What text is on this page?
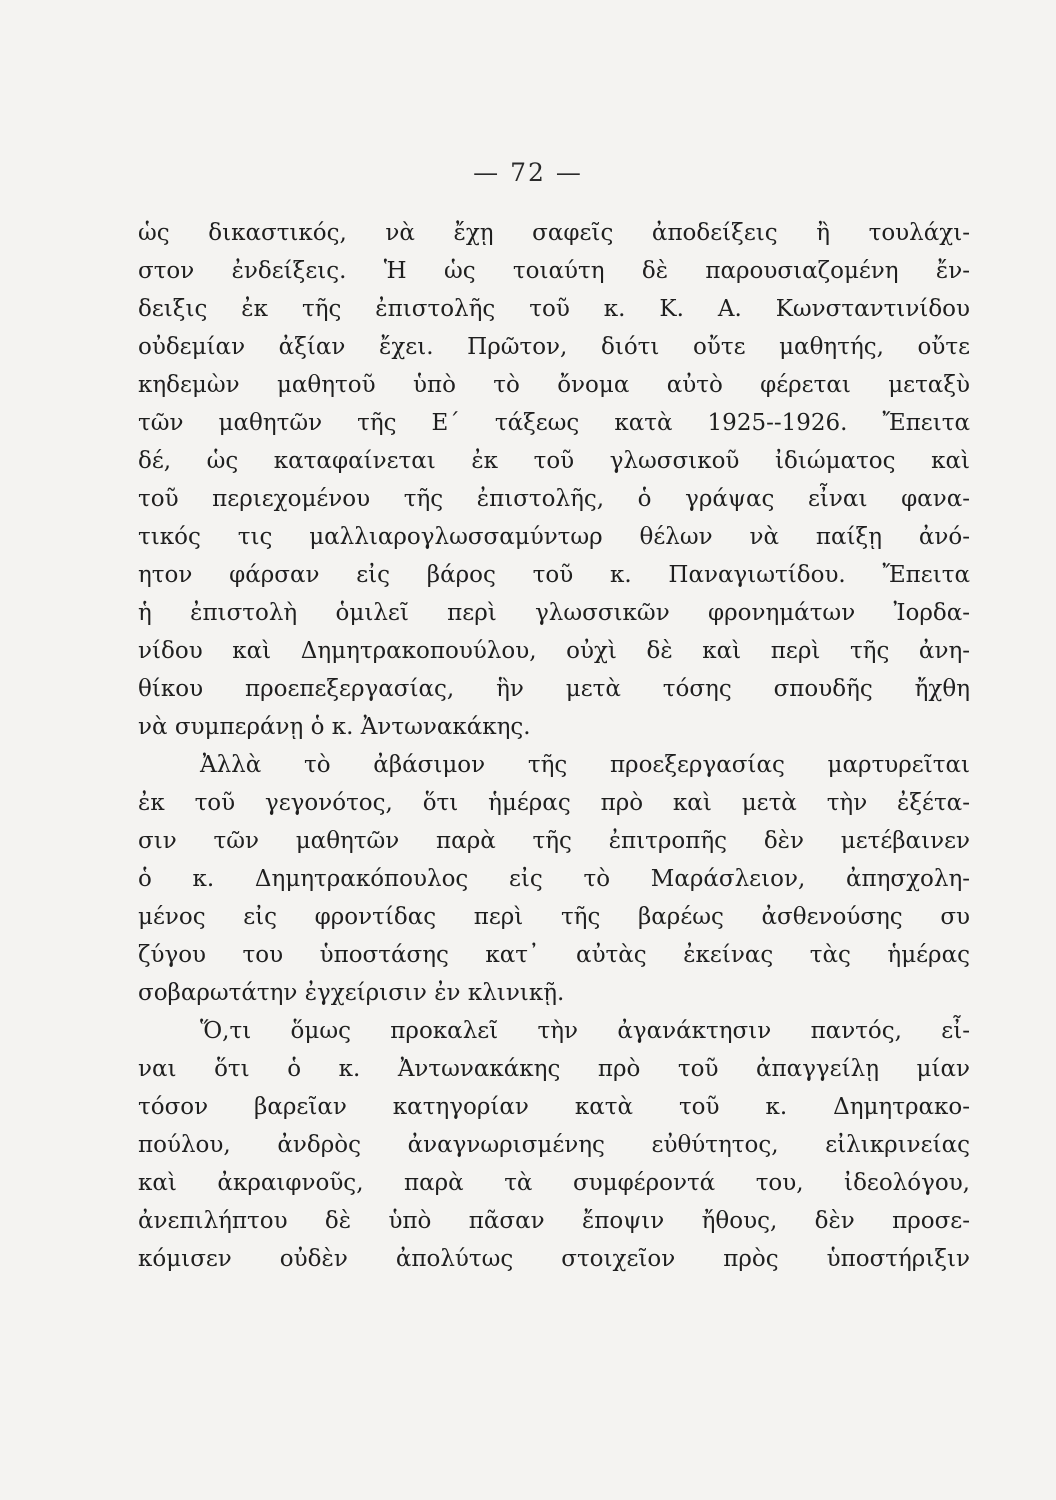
— 72 —
ὡς δικαστικός, νὰ ἔχῃ σαφεῖς ἀποδείξεις ἢ τουλάχι-
στον ἐνδείξεις. Ἡ ὡς τοιαύτη δὲ παρουσιαζομένη ἔν-
δειξις ἐκ τῆς ἐπιστολῆς τοῦ κ. Κ. Α. Κωνσταντινίδου
οὐδεμίαν ἀξίαν ἔχει. Πρῶτον, διότι οὔτε μαθητής, οὔτε
κηδεμὼν μαθητοῦ ὑπὸ τὸ ὄνομα αὐτὸ φέρεται μεταξὺ
τῶν μαθητῶν τῆς Ε΄ τάξεως κατὰ 1925--1926. Ἔπειτα
δέ, ὡς καταφαίνεται ἐκ τοῦ γλωσσικοῦ ἰδιώματος καὶ
τοῦ περιεχομένου τῆς ἐπιστολῆς, ὁ γράψας εἶναι φανα-
τικός τις μαλλιαρογλωσσαμύντωρ θέλων νὰ παίξῃ ἀνό-
ητον φάρσαν εἰς βάρος τοῦ κ. Παναγιωτίδου. Ἔπειτα
ἡ ἐπιστολὴ ὁμιλεῖ περὶ γλωσσικῶν φρονημάτων Ἰορδα-
νίδου καὶ Δημητρακοπουύλου, οὐχὶ δὲ καὶ περὶ τῆς ἀνη-
θίκου προεπεξεργασίας, ἣν μετὰ τόσης σπουδῆς ἤχθη
νὰ συμπεράνῃ ὁ κ. Ἀντωνακάκης.
Ἀλλὰ τὸ ἀβάσιμον τῆς προεξεργασίας μαρτυρεῖται
ἐκ τοῦ γεγονότος, ὅτι ἡμέρας πρὸ καὶ μετὰ τὴν ἐξέτα-
σιν τῶν μαθητῶν παρὰ τῆς ἐπιτροπῆς δὲν μετέβαινεν
ὁ κ. Δημητρακόπουλος εἰς τὸ Μαράσλειον, ἀπησχολη-
μένος εἰς φροντίδας περὶ τῆς βαρέως ἀσθενούσης συ
ζύγου του ὑποστάσης κατ᾽ αὐτὰς ἐκείνας τὰς ἡμέρας
σοβαρωτάτην ἐγχείρισιν ἐν κλινικῇ.
Ὅ,τι ὅμως προκαλεῖ τὴν ἀγανάκτησιν παντός, εἶ-
ναι ὅτι ὁ κ. Ἀντωνακάκης πρὸ τοῦ ἀπαγγείλῃ μίαν
τόσον βαρεῖαν κατηγορίαν κατὰ τοῦ κ. Δημητρακο-
πούλου, ἀνδρὸς ἀναγνωρισμένης εὐθύτητος, εἰλικρινείας
καὶ ἀκραιφνοῦς, παρὰ τὰ συμφέροντά του, ἰδεολόγου,
ἀνεπιλήπτου δὲ ὑπὸ πᾶσαν ἔποψιν ἤθους, δὲν προσε-
κόμισεν οὐδὲν ἀπολύτως στοιχεῖον πρὸς ὑποστήριξιν
